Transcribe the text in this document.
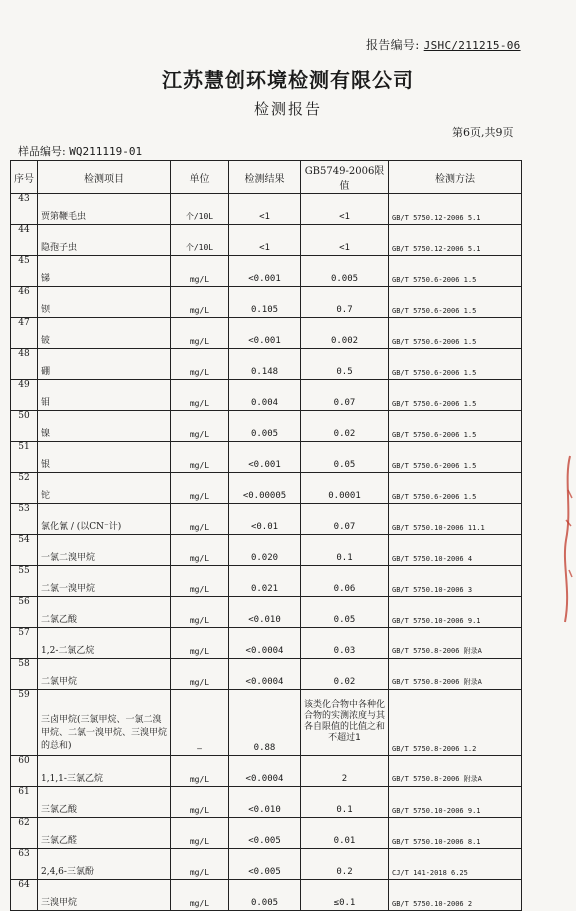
报告编号: JSHC/211215-06
江苏慧创环境检测有限公司
检测报告
第6页,共9页
样品编号: WQ211119-01
序号	检测项目	单位	检测结果	GB5749-2006限值	检测方法
43	贾第鞭毛虫	个/10L	<1	<1	GB/T 5750.12-2006 5.1
44	隐孢子虫	个/10L	<1	<1	GB/T 5750.12-2006 5.1
45	锑	mg/L	<0.001	0.005	GB/T 5750.6-2006 1.5
46	钡	mg/L	0.105	0.7	GB/T 5750.6-2006 1.5
47	铍	mg/L	<0.001	0.002	GB/T 5750.6-2006 1.5
48	硼	mg/L	0.148	0.5	GB/T 5750.6-2006 1.5
49	钼	mg/L	0.004	0.07	GB/T 5750.6-2006 1.5
50	镍	mg/L	0.005	0.02	GB/T 5750.6-2006 1.5
51	银	mg/L	<0.001	0.05	GB/T 5750.6-2006 1.5
52	铊	mg/L	<0.00005	0.0001	GB/T 5750.6-2006 1.5
53	氯化氰 / (以CN⁻计)	mg/L	<0.01	0.07	GB/T 5750.10-2006 11.1
54	一氯二溴甲烷	mg/L	0.020	0.1	GB/T 5750.10-2006 4
55	二氯一溴甲烷	mg/L	0.021	0.06	GB/T 5750.10-2006 3
56	二氯乙酸	mg/L	<0.010	0.05	GB/T 5750.10-2006 9.1
57	1,2-二氯乙烷	mg/L	<0.0004	0.03	GB/T 5750.8-2006 附录A
58	二氯甲烷	mg/L	<0.0004	0.02	GB/T 5750.8-2006 附录A
59	三卤甲烷(三氯甲烷、一氯二溴甲烷、二氯一溴甲烷、三溴甲烷的总和)	—	0.88	该类化合物中各种化合物的实测浓度与其各自限值的比值之和不超过1	GB/T 5750.8-2006 1.2
60	1,1,1-三氯乙烷	mg/L	<0.0004	2	GB/T 5750.8-2006 附录A
61	三氯乙酸	mg/L	<0.010	0.1	GB/T 5750.10-2006 9.1
62	三氯乙醛	mg/L	<0.005	0.01	GB/T 5750.10-2006 8.1
63	2,4,6-三氯酚	mg/L	<0.005	0.2	CJ/T 141-2018 6.25
64	三溴甲烷	mg/L	0.005	≤0.1	GB/T 5750.10-2006 2
